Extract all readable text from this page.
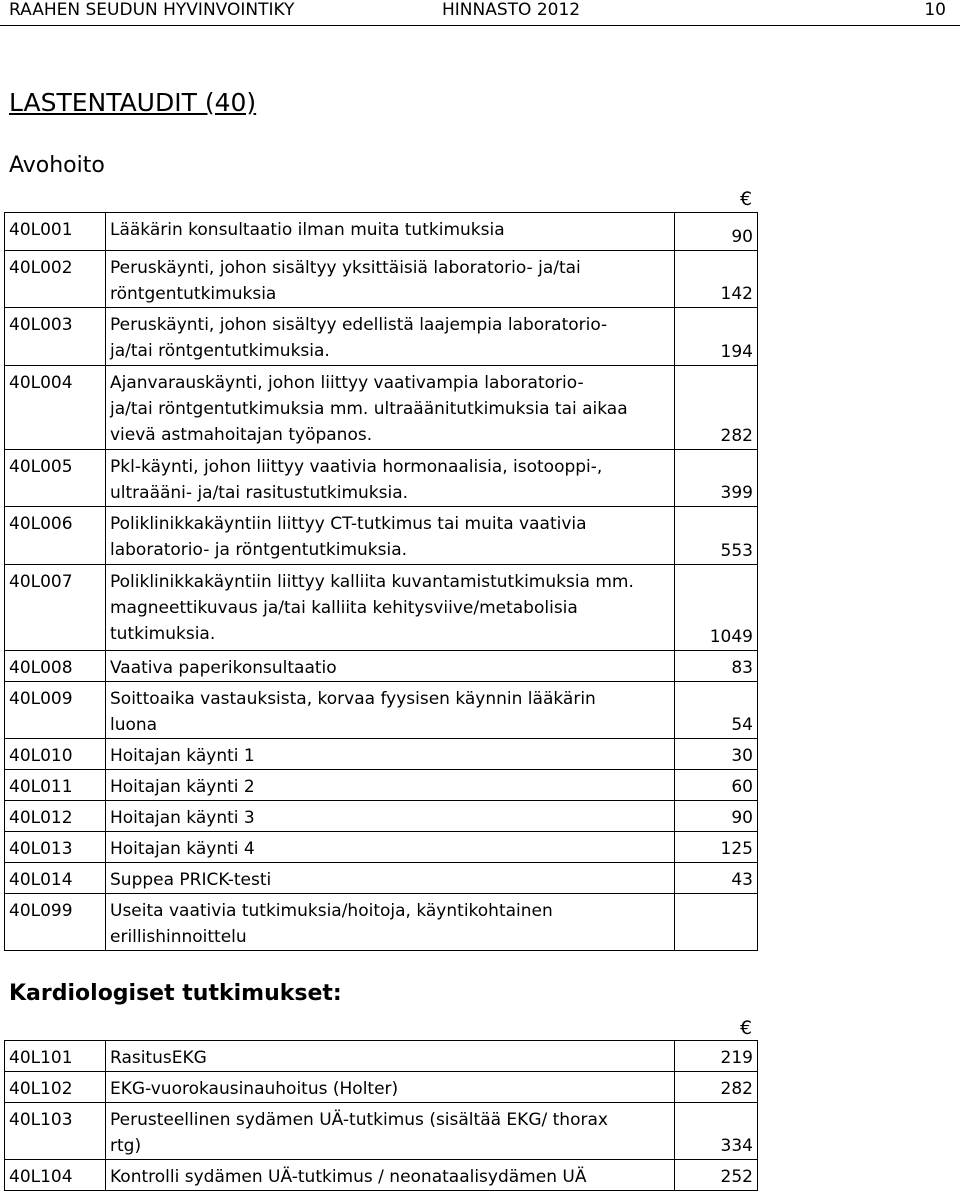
RAAHEN SEUDUN HYVINVOINTIKY	HINNASTO 2012	10
LASTENTAUDIT (40)
Avohoito
€
40L001	Lääkärin konsultaatio ilman muita tutkimuksia	90
40L002	Peruskäynti, johon sisältyy yksittäisiä laboratorio- ja/tai
röntgentutkimuksia	142
40L003	Peruskäynti, johon sisältyy edellistä laajempia laboratorio-
ja/tai röntgentutkimuksia.	194
40L004	Ajanvarauskäynti, johon liittyy vaativampia laboratorio-
ja/tai röntgentutkimuksia mm. ultraäänitutkimuksia tai aikaa
vievä astmahoitajan työpanos.	282
40L005	Pkl-käynti, johon liittyy vaativia hormonaalisia, isotooppi-,
ultraääni- ja/tai rasitustutkimuksia.	399
40L006	Poliklinikkakäyntiin liittyy CT-tutkimus tai muita vaativia
laboratorio- ja röntgentutkimuksia.	553
40L007	Poliklinikkakäyntiin liittyy kalliita kuvantamistutkimuksia mm.
magneettikuvaus ja/tai kalliita kehitysviive/metabolisia
tutkimuksia.	1049
40L008	Vaativa paperikonsultaatio	83
40L009	Soittoaika vastauksista, korvaa fyysisen käynnin lääkärin
luona	54
40L010	Hoitajan käynti 1	30
40L011	Hoitajan käynti 2	60
40L012	Hoitajan käynti 3	90
40L013	Hoitajan käynti 4	125
40L014	Suppea PRICK-testi	43
40L099	Useita vaativia tutkimuksia/hoitoja, käyntikohtainen
erillishinnoittelu	
Kardiologiset tutkimukset:
€
40L101	RasitusEKG	219
40L102	EKG-vuorokausinauhoitus (Holter)	282
40L103	Perusteellinen sydämen UÄ-tutkimus (sisältää EKG/ thorax
rtg)	334
40L104	Kontrolli sydämen UÄ-tutkimus / neonataalisydämen UÄ	252
